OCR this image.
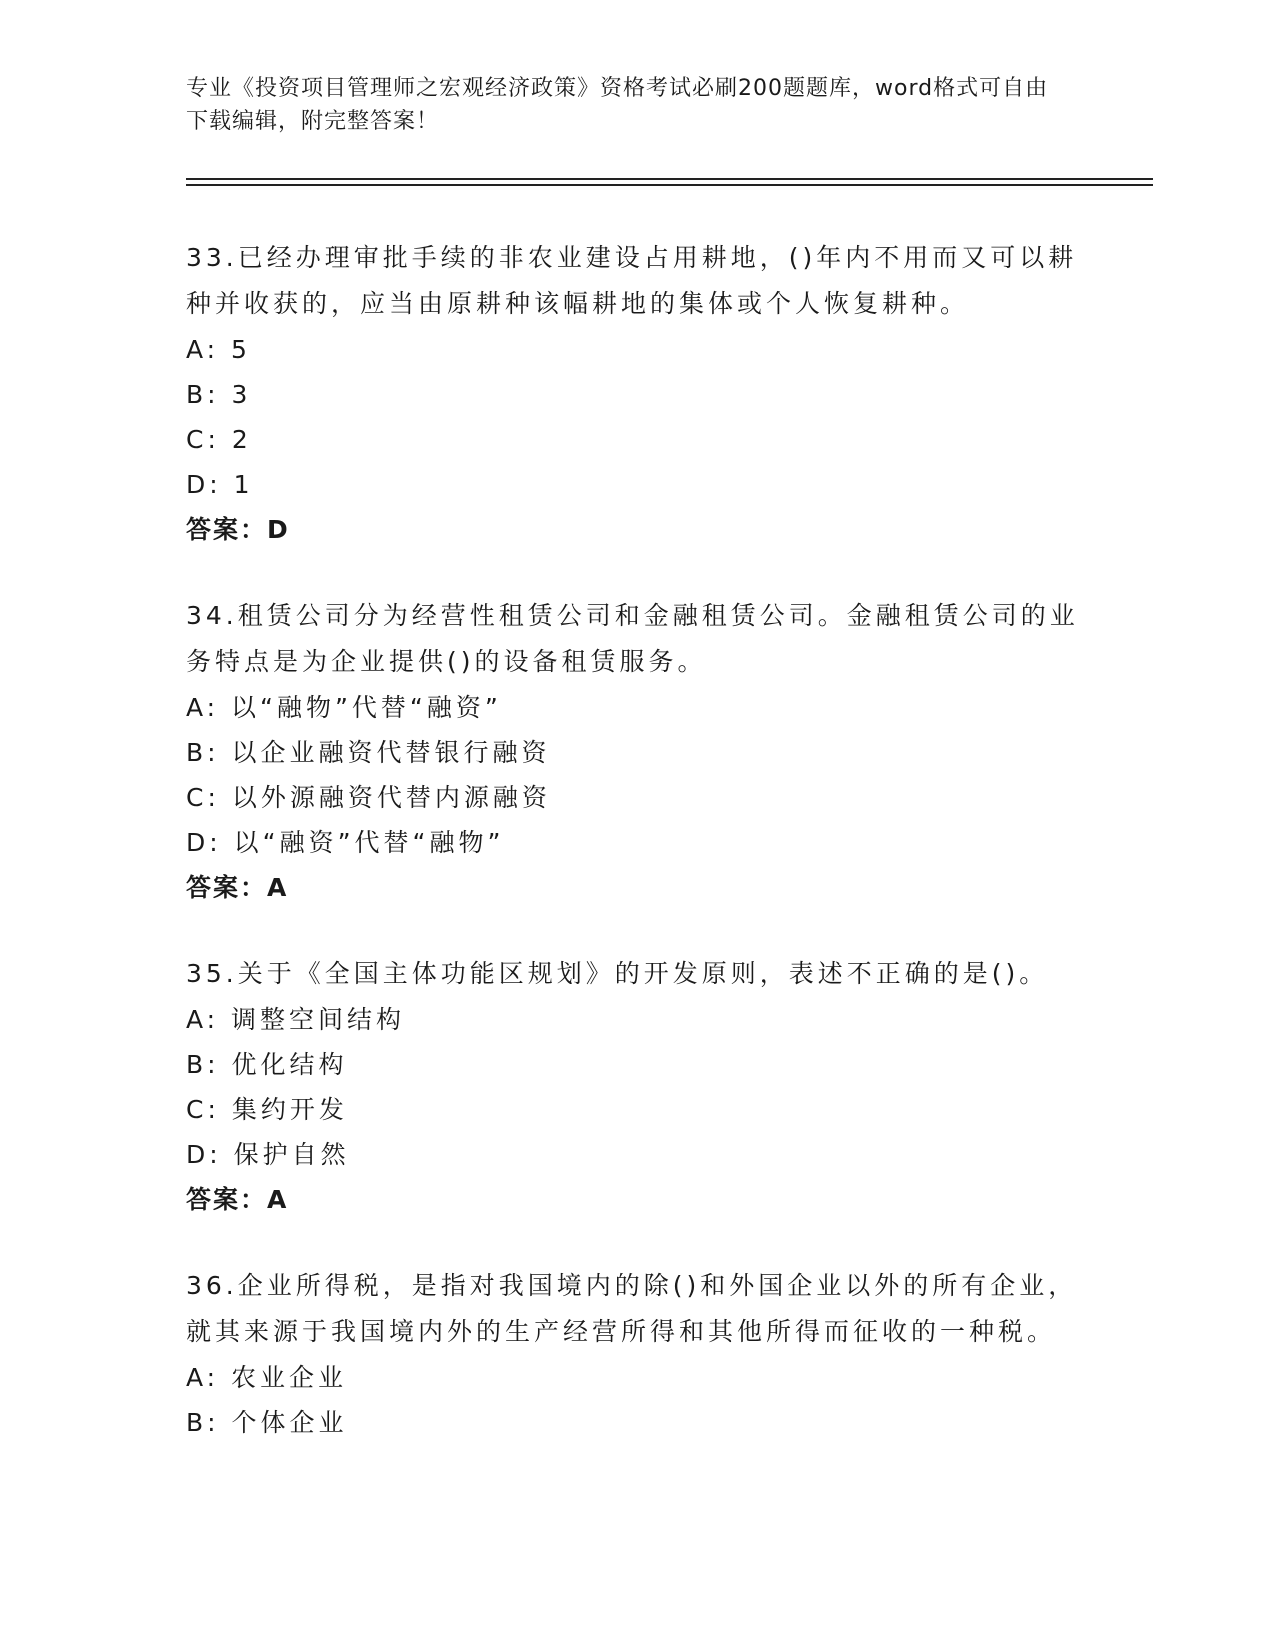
专业《投资项目管理师之宏观经济政策》资格考试必刷200题题库，word格式可自由下载编辑，附完整答案！
33.已经办理审批手续的非农业建设占用耕地，()年内不用而又可以耕种并收获的，应当由原耕种该幅耕地的集体或个人恢复耕种。
A: 5
B: 3
C: 2
D: 1
答案：D
34.租赁公司分为经营性租赁公司和金融租赁公司。金融租赁公司的业务特点是为企业提供()的设备租赁服务。
A: 以“融物”代替“融资”
B: 以企业融资代替银行融资
C: 以外源融资代替内源融资
D: 以“融资”代替“融物”
答案：A
35.关于《全国主体功能区规划》的开发原则，表述不正确的是()。
A: 调整空间结构
B: 优化结构
C: 集约开发
D: 保护自然
答案：A
36.企业所得税，是指对我国境内的除()和外国企业以外的所有企业，就其来源于我国境内外的生产经营所得和其他所得而征收的一种税。
A: 农业企业
B: 个体企业
